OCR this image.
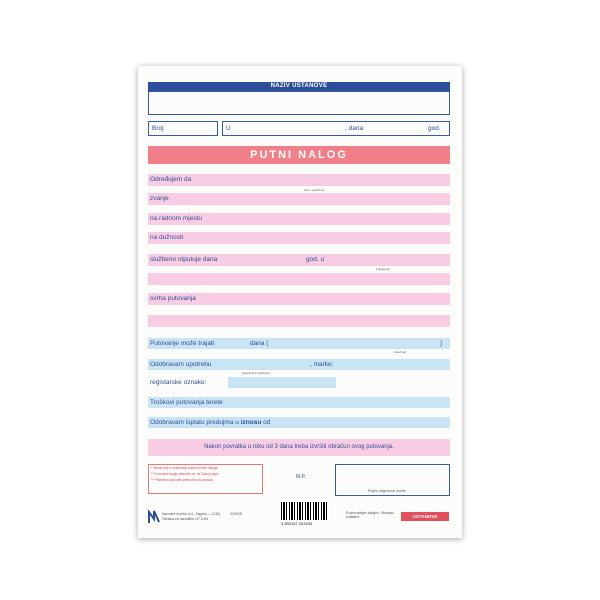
NAZIV USTANOVE
Broj	U	, dana	god.
PUTNI NALOG
Određujem da
(ime i prezime)
zvanje
na radnom mjestu
na dužnosti
službeno otputuje dana	god. u
(mjesto-a)
svrha putovanja
Putovanje može trajati	dana (	)
(slovima)
Odobravam upotrebu	, marke:
(prijevozno sredstvo)
registarske oznake:
Troškovi putovanja terete
Odobravam isplatu predujma u iznosu od
Nakon povratka u roku od 3 dana treba izvršiti obračun ovog putovanja.
* Tekući broj iz evidencije izdanih putnih naloga
** Pomorske kopije dnevnik i dr. na Zakoni papir
*** Pismeno popunite prethodno na obrazac	M.P.
Potpis odgovorne osobe
Narodne novine d.d., Zagreb — (130)
Oznaka za narudžbu UT-II-84
920005
3 850157 003433
Podnositeljev zahtjev: Obrazac ovlašten	USTANOVE
